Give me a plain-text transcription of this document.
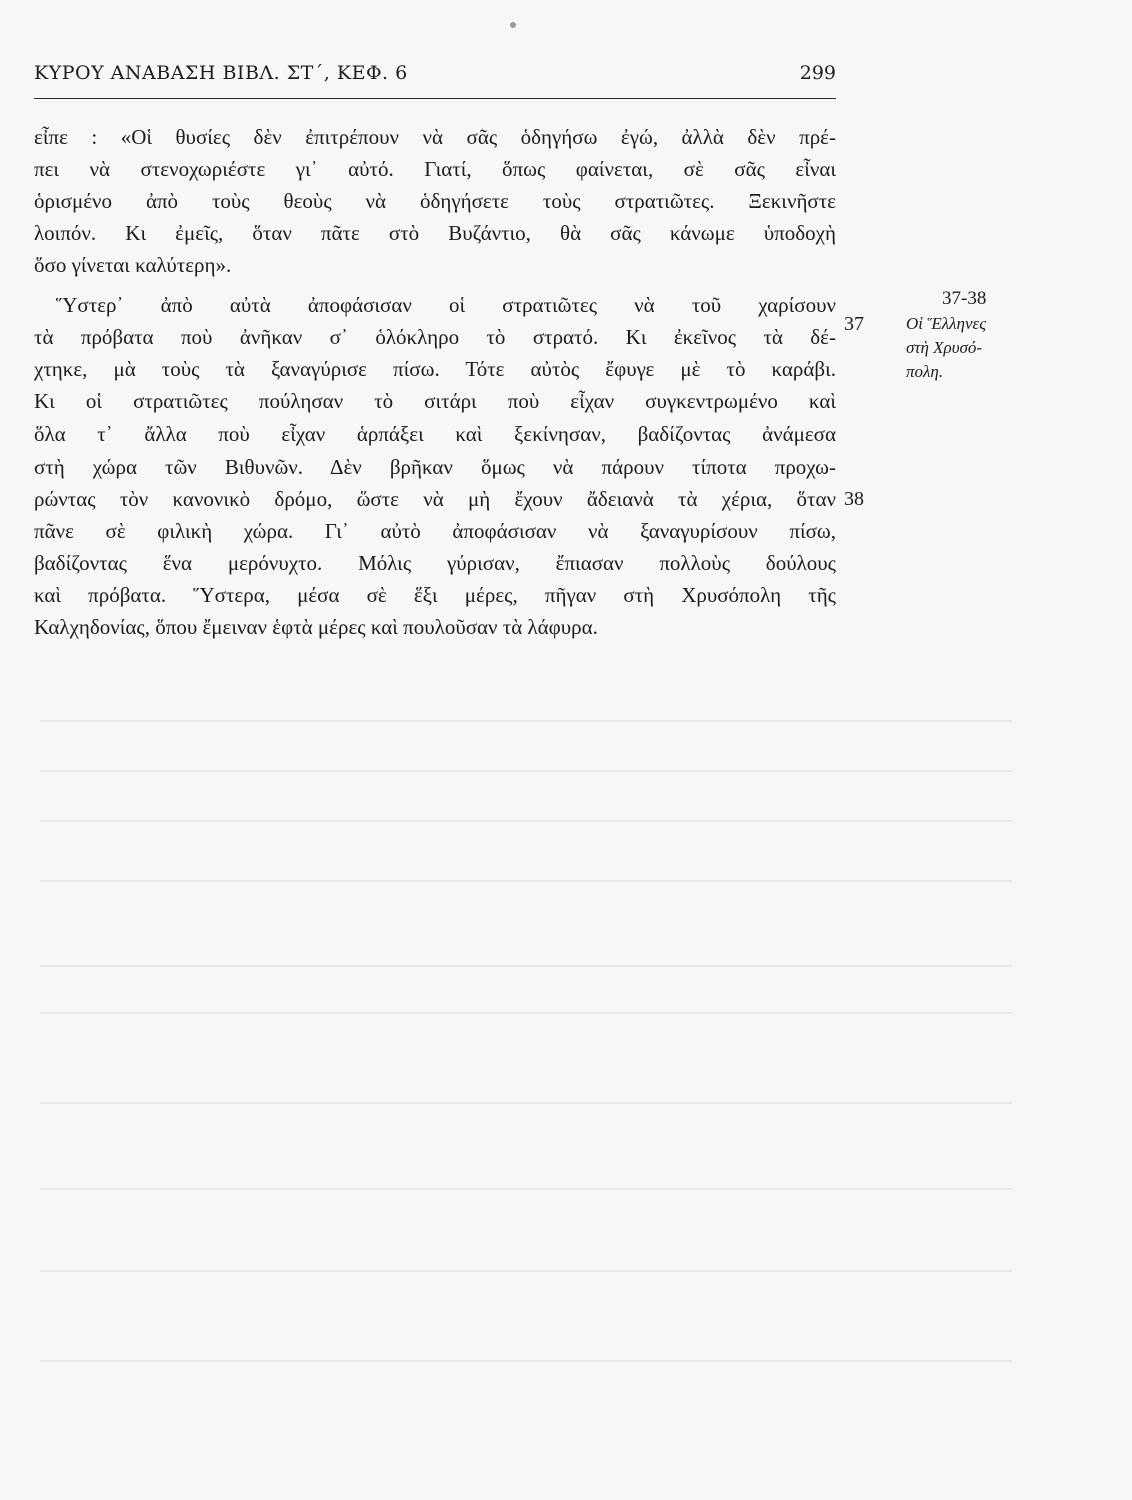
ΚΥΡΟΥ ΑΝΑΒΑΣΗ ΒΙΒΛ. ΣΤ΄, ΚΕΦ. 6	299
εἶπε : «Οἱ θυσίες δὲν ἐπιτρέπουν νὰ σᾶς ὁδηγήσω ἐγώ, ἀλλὰ δὲν πρέ-
πει νὰ στενοχωριέστε γι᾽ αὐτό. Γιατί, ὅπως φαίνεται, σὲ σᾶς εἶναι
ὁρισμένο ἀπὸ τοὺς θεοὺς νὰ ὁδηγήσετε τοὺς στρατιῶτες. Ξεκινῆστε
λοιπόν. Κι ἐμεῖς, ὅταν πᾶτε στὸ Βυζάντιο, θὰ σᾶς κάνωμε ὑποδοχὴ
ὅσο γίνεται καλύτερη».
Ὕστερ᾽ ἀπὸ αὐτὰ ἀποφάσισαν οἱ στρατιῶτες νὰ τοῦ χαρίσουν
τὰ πρόβατα ποὺ ἀνῆκαν σ᾽ ὁλόκληρο τὸ στρατό. Κι ἐκεῖνος τὰ δέ-
χτηκε, μὰ τοὺς τὰ ξαναγύρισε πίσω. Τότε αὐτὸς ἔφυγε μὲ τὸ καράβι.
Κι οἱ στρατιῶτες πούλησαν τὸ σιτάρι ποὺ εἶχαν συγκεντρωμένο καὶ
ὅλα τ᾽ ἄλλα ποὺ εἶχαν ἁρπάξει καὶ ξεκίνησαν, βαδίζοντας ἀνάμεσα
στὴ χώρα τῶν Βιθυνῶν. Δὲν βρῆκαν ὅμως νὰ πάρουν τίποτα προχω-
ρώντας τὸν κανονικὸ δρόμο, ὥστε νὰ μὴ ἔχουν ἄδειανὰ τὰ χέρια, ὅταν
πᾶνε σὲ φιλικὴ χώρα. Γι᾽ αὐτὸ ἀποφάσισαν νὰ ξαναγυρίσουν πίσω,
βαδίζοντας ἕνα μερόνυχτο. Μόλις γύρισαν, ἔπιασαν πολλοὺς δούλους
καὶ πρόβατα. Ὕστερα, μέσα σὲ ἕξι μέρες, πῆγαν στὴ Χρυσόπολη τῆς
Καλχηδονίας, ὅπου ἔμειναν ἑφτὰ μέρες καὶ πουλοῦσαν τὰ λάφυρα.
37
38
37-38
Οἱ Ἕλληνες
στὴ Χρυσό-
πολη.
